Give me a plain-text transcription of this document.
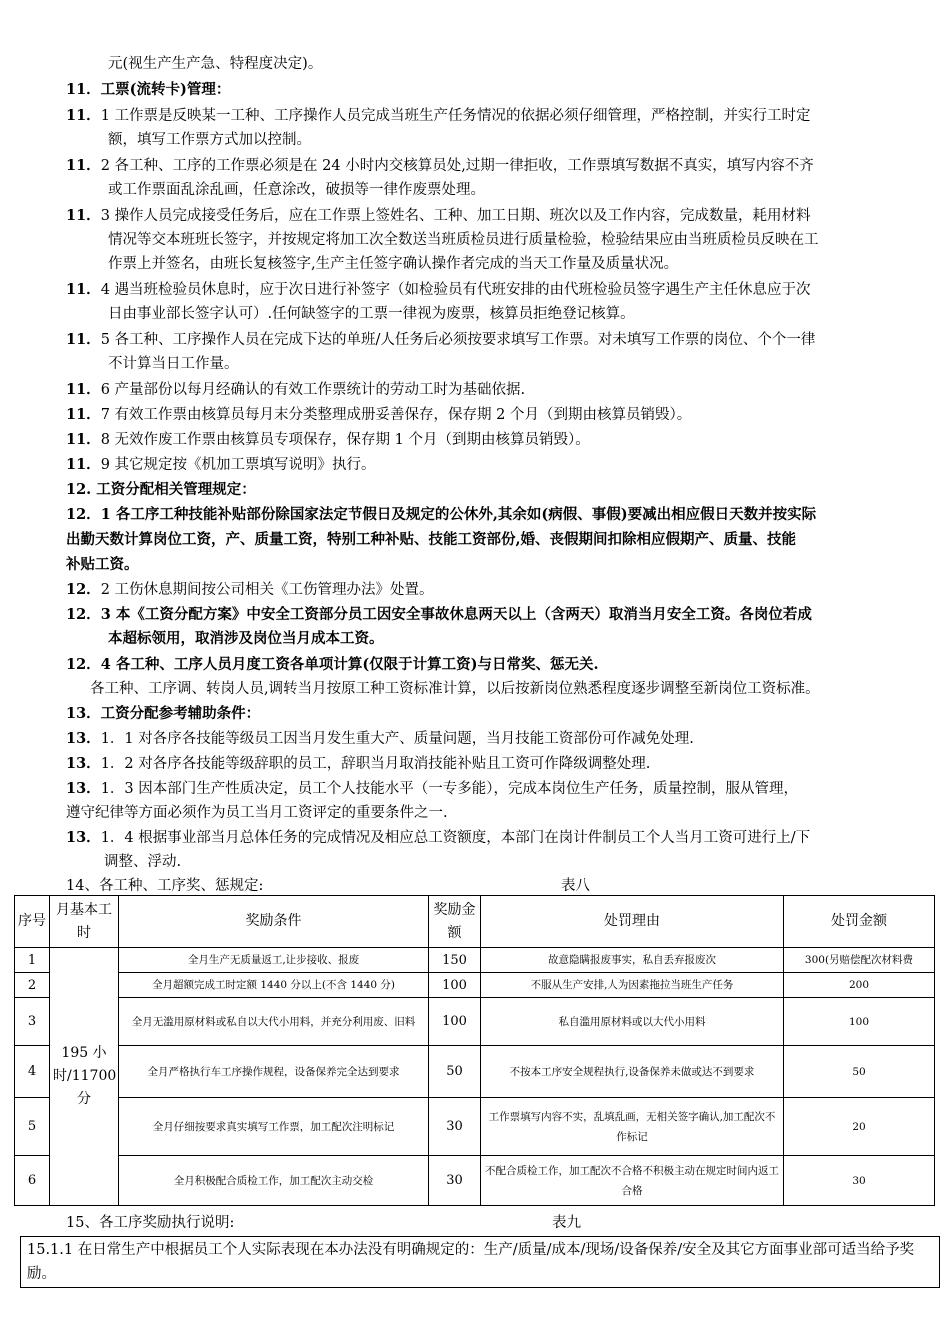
元(视生产生产急、特程度决定)。
11．工票(流转卡)管理：
11．1 工作票是反映某一工种、工序操作人员完成当班生产任务情况的依据必须仔细管理，严格控制，并实行工时定
额，填写工作票方式加以控制。
11．2 各工种、工序的工作票必须是在 24 小时内交核算员处,过期一律拒收，工作票填写数据不真实，填写内容不齐
或工作票面乱涂乱画，任意涂改，破损等一律作废票处理。
11．3 操作人员完成接受任务后，应在工作票上签姓名、工种、加工日期、班次以及工作内容，完成数量，耗用材料
情况等交本班班长签字，并按规定将加工次全数送当班质检员进行质量检验，检验结果应由当班质检员反映在工
作票上并签名，由班长复核签字,生产主任签字确认操作者完成的当天工作量及质量状况。
11．4 遇当班检验员休息时，应于次日进行补签字（如检验员有代班安排的由代班检验员签字遇生产主任休息应于次
日由事业部长签字认可）.任何缺签字的工票一律视为废票，核算员拒绝登记核算。
11．5 各工种、工序操作人员在完成下达的单班/人任务后必须按要求填写工作票。对未填写工作票的岗位、个个一律
不计算当日工作量。
11．6 产量部份以每月经确认的有效工作票统计的劳动工时为基础依据.
11．7 有效工作票由核算员每月末分类整理成册妥善保存，保存期 2 个月（到期由核算员销毁）。
11．8 无效作废工作票由核算员专项保存，保存期 1 个月（到期由核算员销毁）。
11．9 其它规定按《机加工票填写说明》执行。
12. 工资分配相关管理规定：
12．1 各工序工种技能补贴部份除国家法定节假日及规定的公休外,其余如(病假、事假)要减出相应假日天数并按实际
出勤天数计算岗位工资，产、质量工资，特别工种补贴、技能工资部份,婚、丧假期间扣除相应假期产、质量、技能
补贴工资。
12．2 工伤休息期间按公司相关《工伤管理办法》处置。
12．3 本《工资分配方案》中安全工资部分员工因安全事故休息两天以上（含两天）取消当月安全工资。各岗位若成
本超标领用，取消涉及岗位当月成本工资。
12．4 各工种、工序人员月度工资各单项计算(仅限于计算工资)与日常奖、惩无关.
各工种、工序调、转岗人员,调转当月按原工种工资标准计算，以后按新岗位熟悉程度逐步调整至新岗位工资标准。
13．工资分配参考辅助条件：
13．1．1 对各序各技能等级员工因当月发生重大产、质量问题，当月技能工资部份可作减免处理.
13．1．2 对各序各技能等级辞职的员工，辞职当月取消技能补贴且工资可作降级调整处理.
13．1．3 因本部门生产性质决定，员工个人技能水平（一专多能），完成本岗位生产任务，质量控制，服从管理，
遵守纪律等方面必须作为员工当月工资评定的重要条件之一.
13．1．4 根据事业部当月总体任务的完成情况及相应总工资额度，本部门在岗计件制员工个人当月工资可进行上/下
调整、浮动.
14、各工种、工序奖、惩规定:	表八
序号	月基本工时	奖励条件	奖励金额	处罚理由	处罚金额
1	195 小时/11700 分	全月生产无质量返工,让步接收、报废	150	故意隐瞒报废事实，私自丢弃报废次	300(另赔偿配次材料费
2		全月超额完成工时定额 1440 分以上(不含 1440 分)	100	不服从生产安排,人为因素拖拉当班生产任务	200
3		全月无滥用原材料或私自以大代小用料，并充分利用废、旧料	100	私自滥用原材料或以大代小用料	100
4		全月严格执行车工序操作规程，设备保养完全达到要求	50	不按本工序安全规程执行,设备保养未做或达不到要求	50
5		全月仔细按要求真实填写工作票，加工配次注明标记	30	工作票填写内容不实，乱填乱画，无相关签字确认,加工配次不作标记	20
6		全月积极配合质检工作，加工配次主动交检	30	不配合质检工作，加工配次不合格不积极主动在规定时间内返工合格	30
15、各工序奖励执行说明:	表九
15.1.1 在日常生产中根据员工个人实际表现在本办法没有明确规定的：生产/质量/成本/现场/设备保养/安全及其它方面事业部可适当给予奖励。
